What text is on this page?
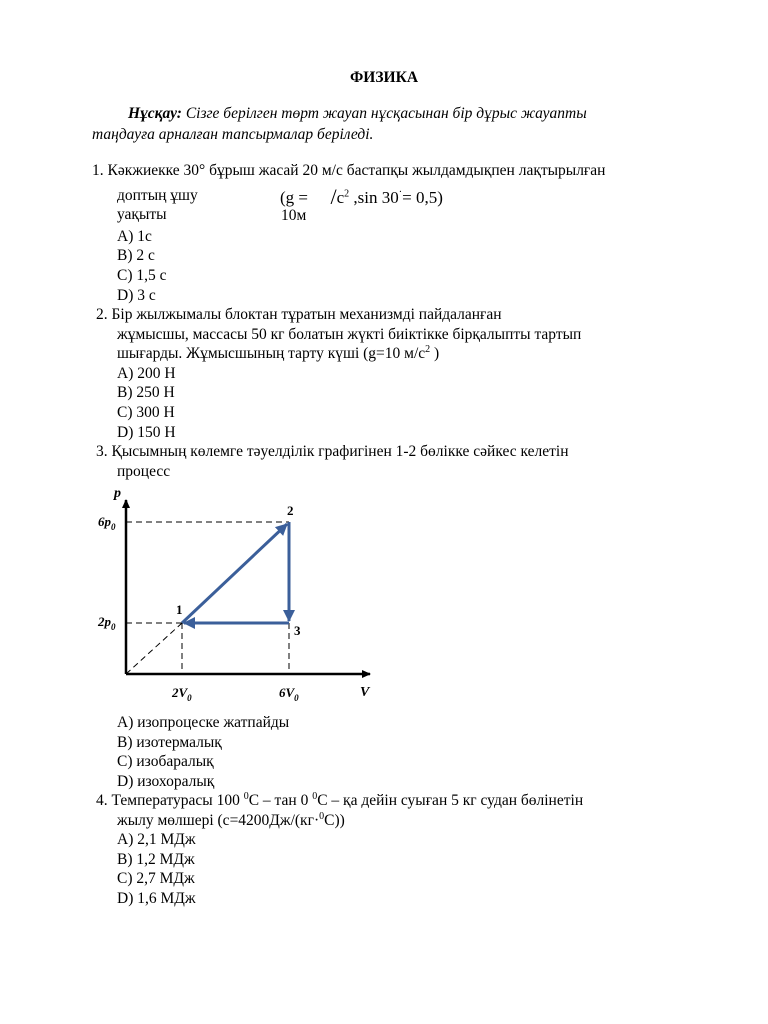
ФИЗИКА
Нұсқау: Сізге берілген төрт жауап нұсқасынан бір дұрыс жауапты
таңдауға арналған тапсырмалар беріледі.
1. Кәкжиекке 30° бұрыш жасай 20 м/с бастапқы жылдамдықпен лақтырылған
доптың ұшу
уақыты
($g = /с^2$ ,sin 30·= 0,5)
10м
А) 1с
В) 2 с
С) 1,5 с
D) 3 с
2. Бір жылжымалы блоктан тұратын механизмді пайдаланған
жұмысшы, массасы 50 кг болатын жүкті биіктікке бірқалыпты тартып
шығарды. Жұмысшының тарту күші (g=10 $м/с^2$ )
А) 200 Н
В) 250 Н
С) 300 Н
D) 150 Н
3. Қысымның көлемге тәуелділік графигінен 1-2 бөлікке сәйкес келетін
процесс
p
V
$6p_0$
$2p_0$
$2V_0$	$6V_0$
1
2
3
А) изопроцеске жатпайды
В) изотермалық
С) изобаралық
D) изохоралық
4. Температурасы 100 $^0$С – тан 0 $^0$С – қа дейін суыған 5 кг судан бөлінетін
жылу мөлшері (с=4200Дж/(кг·$^0$С))
А) 2,1 МДж
В) 1,2 МДж
С) 2,7 МДж
D) 1,6 МДж
